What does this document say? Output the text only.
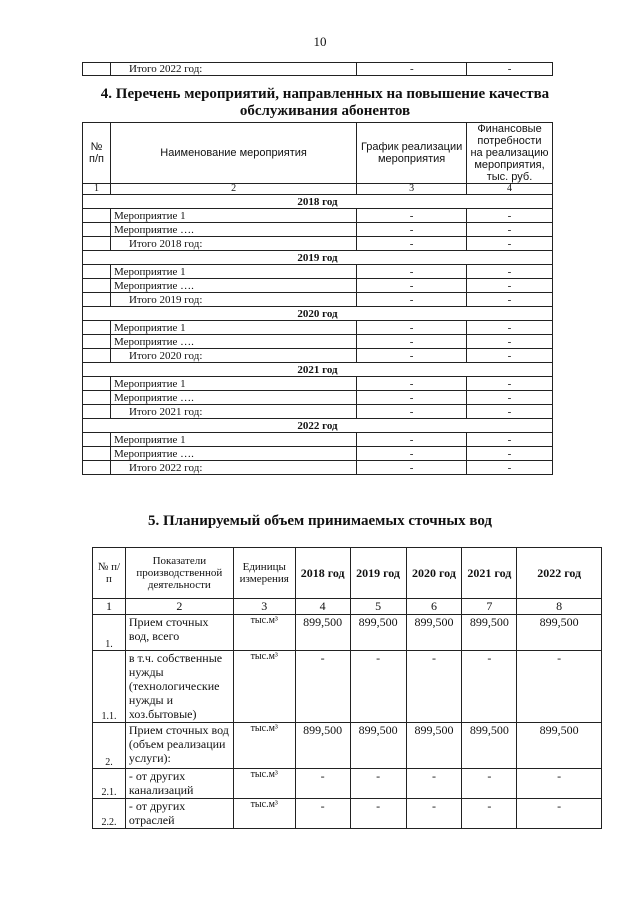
10
	Итого 2022 год:	-	-
4. Перечень мероприятий, направленных на повышение качества обслуживания абонентов
№ п/п	Наименование мероприятия	График реализации мероприятия	Финансовые потребности на реализацию мероприятия, тыс. руб.
1	2	3	4
2018 год			
	Мероприятие 1	-	-
	Мероприятие ….	-	-
	Итого 2018 год:	-	-
2019 год			
	Мероприятие 1	-	-
	Мероприятие ….	-	-
	Итого 2019 год:	-	-
2020 год			
	Мероприятие 1	-	-
	Мероприятие ….	-	-
	Итого 2020 год:	-	-
2021 год			
	Мероприятие 1	-	-
	Мероприятие ….	-	-
	Итого 2021 год:	-	-
2022 год			
	Мероприятие 1	-	-
	Мероприятие ….	-	-
	Итого 2022 год:	-	-
5. Планируемый объем принимаемых сточных вод
№ п/п	Показатели производственной деятельности	Единицы измерения	2018 год	2019 год	2020 год	2021 год	2022 год
1	2	3	4	5	6	7	8
1.	Прием сточных вод, всего	тыс.м³	899,500	899,500	899,500	899,500	899,500
1.1.	в т.ч. собственные нужды (технологические нужды и хоз.бытовые)	тыс.м³	-	-	-	-	-
2.	Прием сточных вод (объем реализации услуги):	тыс.м³	899,500	899,500	899,500	899,500	899,500
2.1.	- от других канализаций	тыс.м³	-	-	-	-	-
2.2.	- от других отраслей	тыс.м³	-	-	-	-	-
